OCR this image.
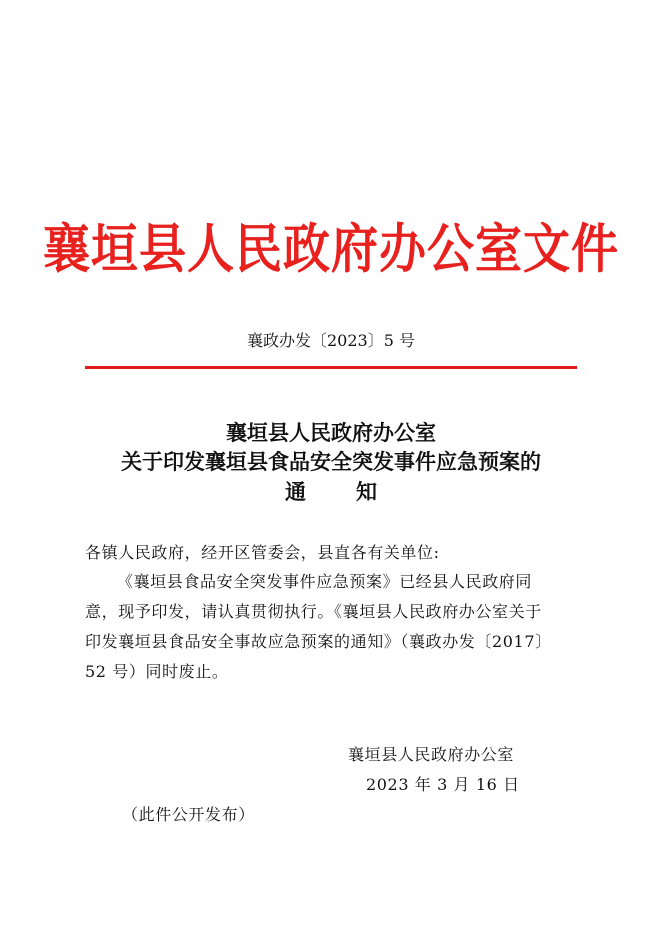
襄垣县人民政府办公室文件
襄政办发〔2023〕5 号
襄垣县人民政府办公室
关于印发襄垣县食品安全突发事件应急预案的
通 知
各镇人民政府，经开区管委会，县直各有关单位:
《襄垣县食品安全突发事件应急预案》已经县人民政府同
意，现予印发，请认真贯彻执行。《襄垣县人民政府办公室关于
印发襄垣县食品安全事故应急预案的通知》（襄政办发〔2017〕
52 号）同时废止。
襄垣县人民政府办公室
2023 年 3 月 16 日
（此件公开发布）
